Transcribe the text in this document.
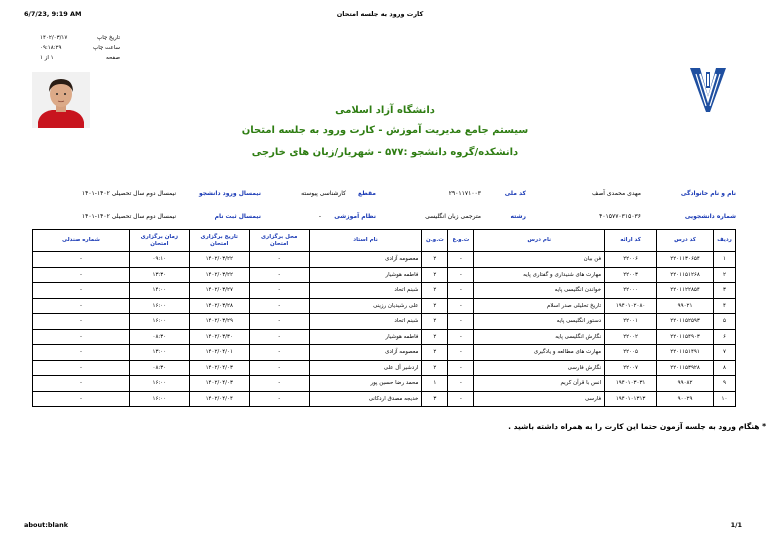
6/7/23, 9:19 AM	کارت ورود به جلسه امتحان
تاریخ چاپ
۱۴۰۲/۰۳/۱۷
ساعت چاپ
۰۹:۱۸:۲۹
صفحه
۱ از ۱
دانشگاه آزاد اسلامی
سیستم جامع مدیریت آموزش - کارت ورود به جلسه امتحان
دانشکده/گروه دانشجو :۵۷۷ - شهریار/زبان های خارجی
نام و نام خانوادگی
مهدی محمدی آصف
کد ملی
۲۹۰۱۱۷۱۰۰۳
مقطع
کارشناسی پیوسته
نیمسال ورود دانشجو
نیمسال دوم سال تحصیلی ۱۴۰۲-۱۴۰۱
شماره دانشجویی
۴۰۱۵۷۷۰۳۱۵۰۳۶
رشته
مترجمی زبان انگلیسی
نظام آموزشی
-
نیمسال ثبت نام
نیمسال دوم سال تحصیلی ۱۴۰۲-۱۴۰۱
ردیف	کد درس	کد ارائه	نام درس	ت.و.ع	ت.و.ن	نام استاد	محل برگزاری امتحان	تاریخ برگزاری امتحان	زمان برگزاری امتحان	شماره صندلی
۱	۲۲۰۱۱۳۰۶۵۴	۲۲۰۰۶	فن بیان	-	۲	معصومه آزادی	-	۱۴۰۲/۰۳/۲۲	۰۹:۱۰	-
۲	۲۲۰۱۱۵۱۲۶۸	۲۲۰۰۳	مهارت های شنیداری و گفتاری پایه	-	۲	فاطمه هوشیار	-	۱۴۰۲/۰۳/۲۲	۱۳:۳۰	-
۳	۲۲۰۱۱۲۲۸۵۴	۲۲۰۰۰	خواندن انگلیسی پایه	-	۲	شبنم اتحاد	-	۱۴۰۲/۰۳/۲۷	۱۴:۰۰	-
۴	۹۹۰۲۱	۱۹۴۰۱۰۲۰۸۰	تاریخ تحلیلی صدر اسلام	-	۲	علی رشیدیان رزینی	-	۱۴۰۲/۰۳/۲۸	۱۶:۰۰	-
۵	۲۲۰۱۱۵۲۵۹۳	۲۲۰۰۱	دستور انگلیسی پایه	-	۲	شبنم اتحاد	-	۱۴۰۲/۰۳/۲۹	۱۶:۰۰	-
۶	۲۲۰۱۱۵۴۹۰۳	۲۲۰۰۲	نگارش انگلیسی پایه	-	۲	فاطمه هوشیار	-	۱۴۰۲/۰۳/۳۰	۰۸:۳۰	-
۷	۲۲۰۱۱۵۱۴۹۱	۲۲۰۰۵	مهارت های مطالعه و یادگیری	-	۲	معصومه آزادی	-	۱۴۰۲/۰۴/۰۱	۱۳:۰۰	-
۸	۲۲۰۱۱۵۳۹۲۸	۲۲۰۰۷	نگارش فارسی	-	۲	اردشیر آل علی	-	۱۴۰۲/۰۴/۰۳	۰۸:۳۰	-
۹	۹۹۰۸۲	۱۹۴۰۱۰۳۰۳۱	انس با قرآن کریم	-	۱	محمد رضا حسین پور	-	۱۴۰۲/۰۴/۰۳	۱۶:۰۰	-
۱۰	۹۰۰۲۹	۱۹۴۰۱۰۱۳۱۳	فارسی	-	۳	خدیجه مصدق اردکانی	-	۱۴۰۲/۰۴/۰۴	۱۶:۰۰	-
* هنگام ورود به جلسه آزمون حتما این کارت را به همراه داشته باشید .
about:blank	1/1
